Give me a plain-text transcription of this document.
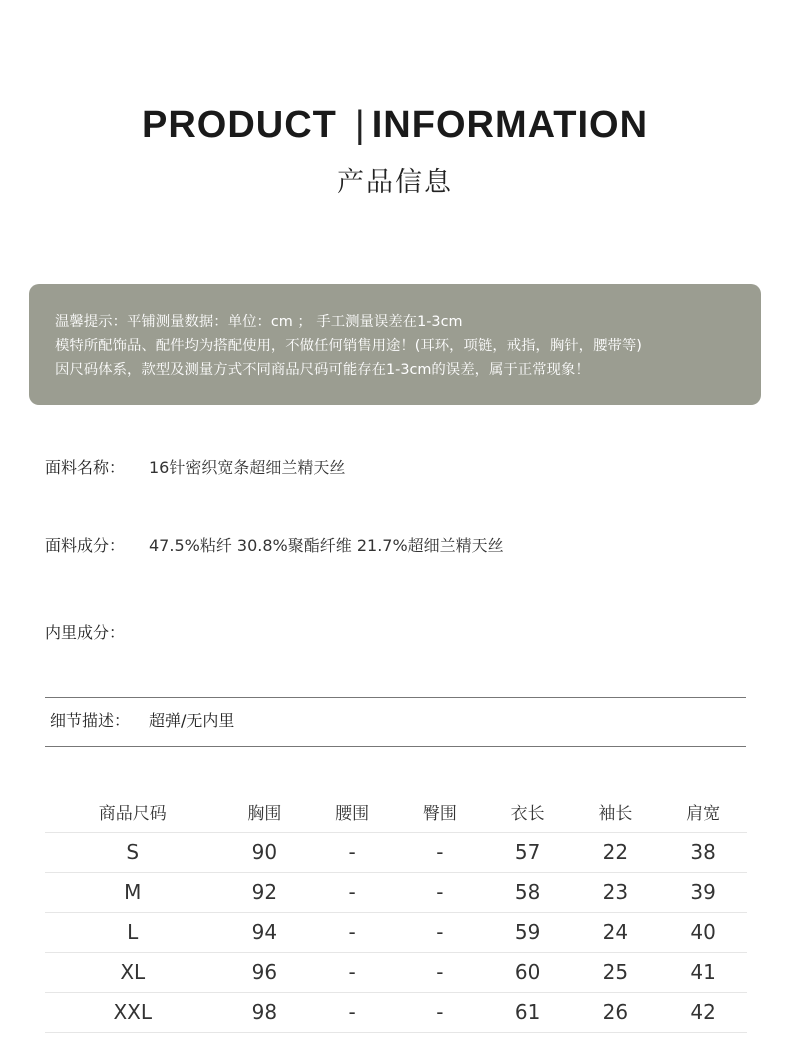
PRODUCT | INFORMATION
产品信息
温馨提示：平铺测量数据：单位：cm ； 手工测量误差在1-3cm
模特所配饰品、配件均为搭配使用，不做任何销售用途！(耳环，项链，戒指，胸针，腰带等)
因尺码体系，款型及测量方式不同商品尺码可能存在1-3cm的误差，属于正常现象！
面料名称： 16针密织宽条超细兰精天丝
面料成分： 47.5%粘纤 30.8%聚酯纤维 21.7%超细兰精天丝
内里成分：
细节描述： 超弹/无内里
商品尺码	胸围	腰围	臀围	衣长	袖长	肩宽
S	90	-	-	57	22	38
M	92	-	-	58	23	39
L	94	-	-	59	24	40
XL	96	-	-	60	25	41
XXL	98	-	-	61	26	42
